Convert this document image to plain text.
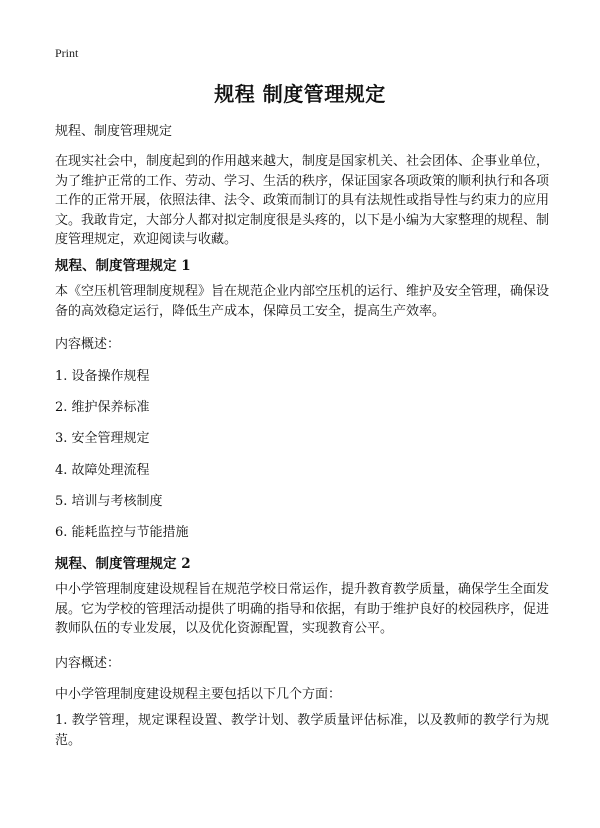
Print
规程 制度管理规定
规程、制度管理规定
在现实社会中，制度起到的作用越来越大，制度是国家机关、社会团体、企事业单位，为了维护正常的工作、劳动、学习、生活的秩序，保证国家各项政策的顺利执行和各项工作的正常开展，依照法律、法令、政策而制订的具有法规性或指导性与约束力的应用文。我敢肯定，大部分人都对拟定制度很是头疼的，以下是小编为大家整理的规程、制度管理规定，欢迎阅读与收藏。
规程、制度管理规定 1
本《空压机管理制度规程》旨在规范企业内部空压机的运行、维护及安全管理，确保设备的高效稳定运行，降低生产成本，保障员工安全，提高生产效率。
内容概述：
1. 设备操作规程
2. 维护保养标准
3. 安全管理规定
4. 故障处理流程
5. 培训与考核制度
6. 能耗监控与节能措施
规程、制度管理规定 2
中小学管理制度建设规程旨在规范学校日常运作，提升教育教学质量，确保学生全面发展。它为学校的管理活动提供了明确的指导和依据，有助于维护良好的校园秩序，促进教师队伍的专业发展，以及优化资源配置，实现教育公平。
内容概述：
中小学管理制度建设规程主要包括以下几个方面：
1. 教学管理，规定课程设置、教学计划、教学质量评估标准，以及教师的教学行为规范。
